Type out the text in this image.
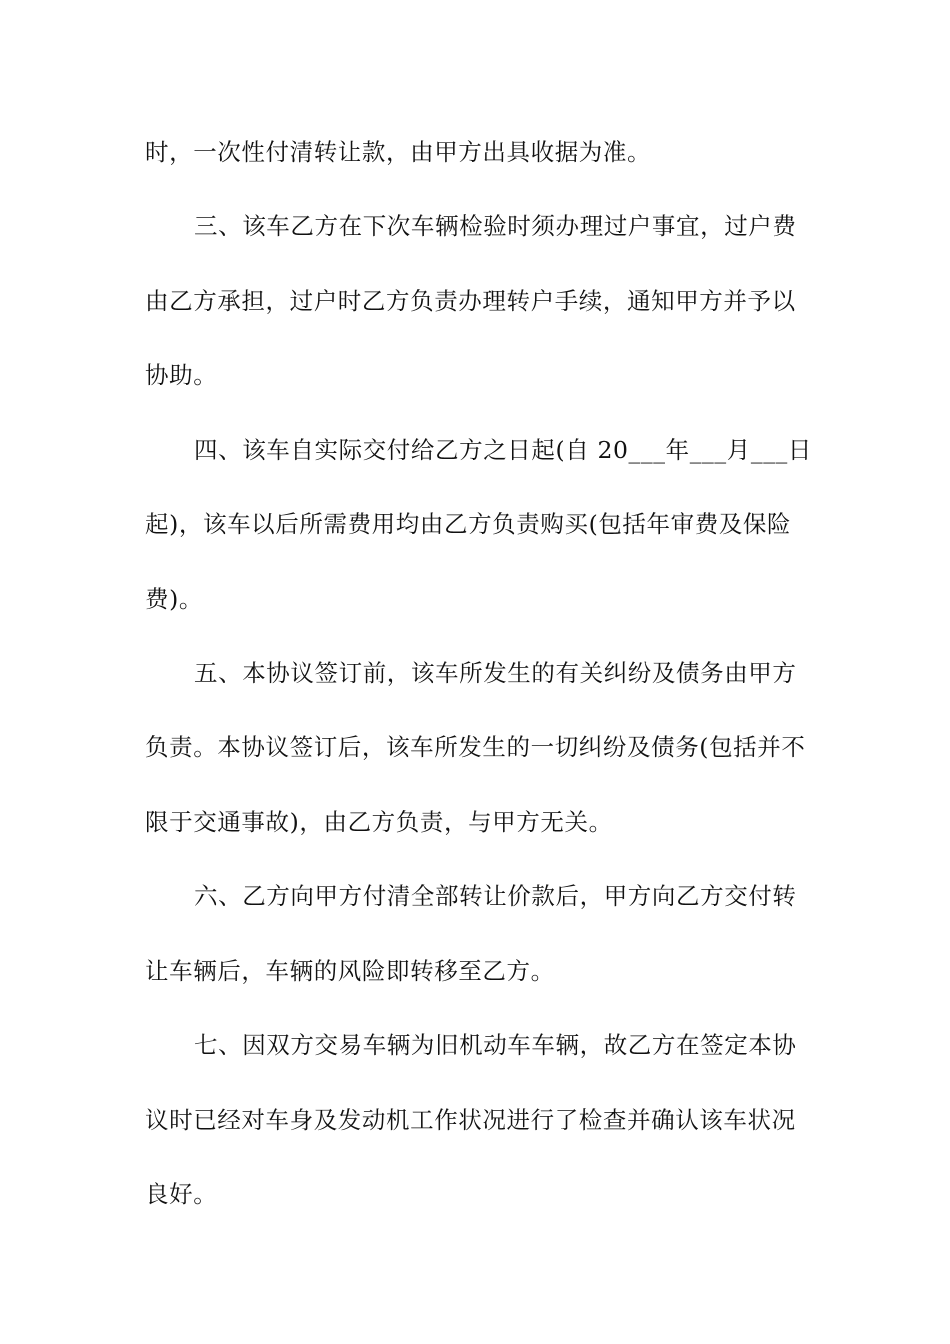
时，一次性付清转让款，由甲方出具收据为准。
三、该车乙方在下次车辆检验时须办理过户事宜，过户费
由乙方承担，过户时乙方负责办理转户手续，通知甲方并予以
协助。
四、该车自实际交付给乙方之日起(自 20___年___月___日
起)，该车以后所需费用均由乙方负责购买(包括年审费及保险
费)。
五、本协议签订前，该车所发生的有关纠纷及债务由甲方
负责。本协议签订后，该车所发生的一切纠纷及债务(包括并不
限于交通事故)，由乙方负责，与甲方无关。
六、乙方向甲方付清全部转让价款后，甲方向乙方交付转
让车辆后，车辆的风险即转移至乙方。
七、因双方交易车辆为旧机动车车辆，故乙方在签定本协
议时已经对车身及发动机工作状况进行了检查并确认该车状况
良好。
